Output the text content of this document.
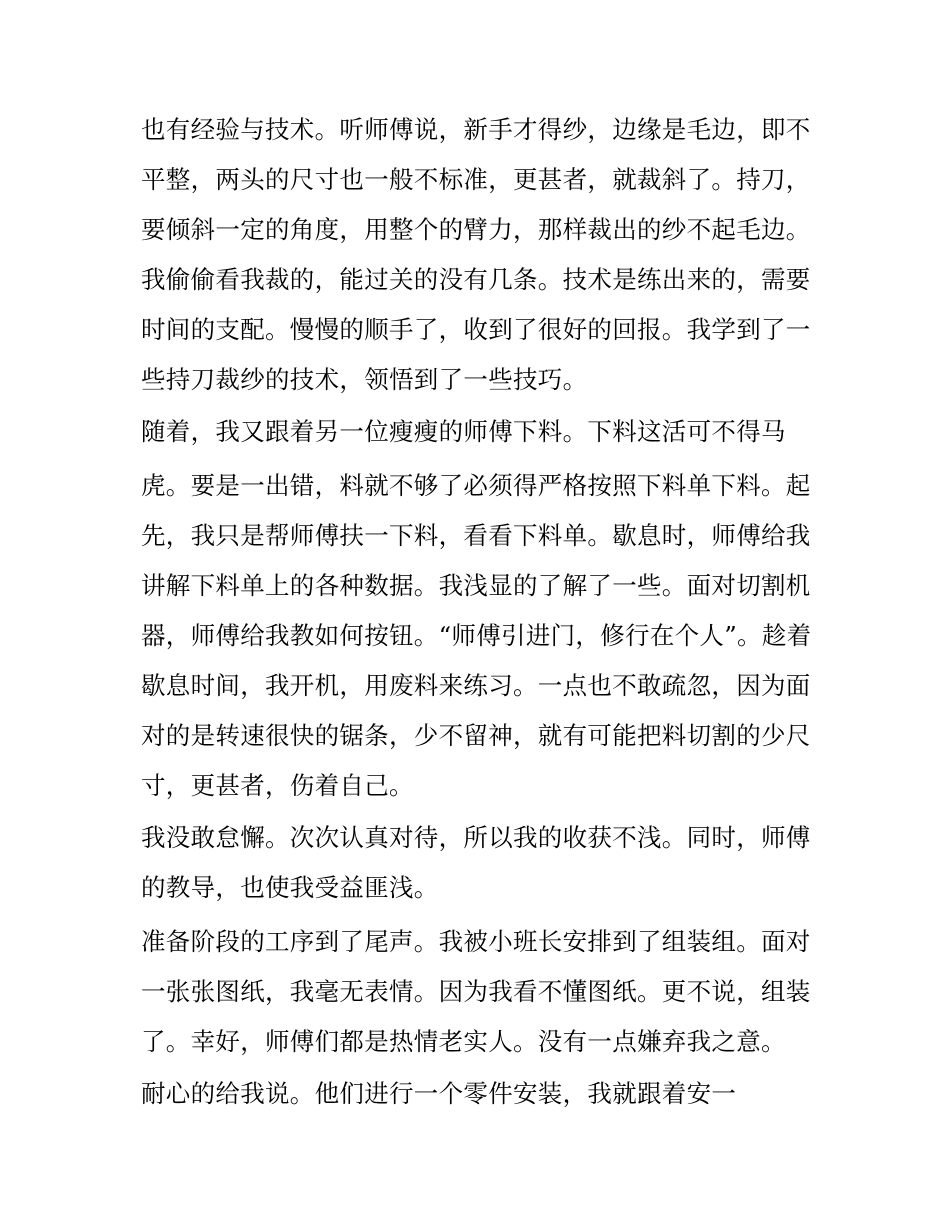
也有经验与技术。听师傅说，新手才得纱，边缘是毛边，即不
平整，两头的尺寸也一般不标准，更甚者，就裁斜了。持刀，
要倾斜一定的角度，用整个的臂力，那样裁出的纱不起毛边。
我偷偷看我裁的，能过关的没有几条。技术是练出来的，需要
时间的支配。慢慢的顺手了，收到了很好的回报。我学到了一
些持刀裁纱的技术，领悟到了一些技巧。
随着，我又跟着另一位瘦瘦的师傅下料。下料这活可不得马
虎。要是一出错，料就不够了必须得严格按照下料单下料。起
先，我只是帮师傅扶一下料，看看下料单。歇息时，师傅给我
讲解下料单上的各种数据。我浅显的了解了一些。面对切割机
器，师傅给我教如何按钮。“师傅引进门，修行在个人”。趁着
歇息时间，我开机，用废料来练习。一点也不敢疏忽，因为面
对的是转速很快的锯条，少不留神，就有可能把料切割的少尺
寸，更甚者，伤着自己。
我没敢怠懈。次次认真对待，所以我的收获不浅。同时，师傅
的教导，也使我受益匪浅。
准备阶段的工序到了尾声。我被小班长安排到了组装组。面对
一张张图纸，我毫无表情。因为我看不懂图纸。更不说，组装
了。幸好，师傅们都是热情老实人。没有一点嫌弃我之意。
耐心的给我说。他们进行一个零件安装，我就跟着安一
